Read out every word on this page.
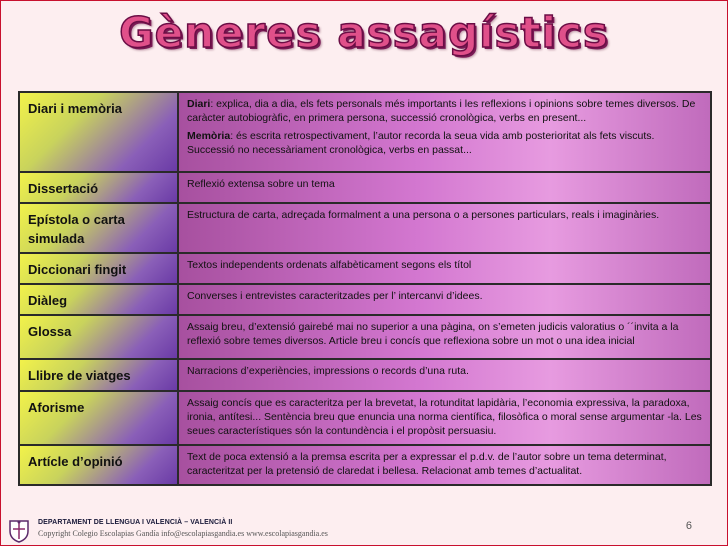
Gèneres assagístics
Diari i memòria	Diari: explica, dia a dia, els fets personals més importants i les reflexions i opinions sobre temes diversos. De caràcter autobiogràfic, en primera persona, successió cronològica, verbs en present...
Memòria: és escrita retrospectivament, l’autor recorda la seua vida amb posterioritat als fets viscuts. Successió no necessàriament cronològica, verbs en passat...

Dissertació	Reflexió extensa sobre un tema
Epístola o carta simulada	Estructura de carta, adreçada formalment a una persona o a persones particulars, reals i imaginàries.
Diccionari fingit	Textos independents ordenats alfabèticament segons els títol
Diàleg	Converses i entrevistes caracteritzades per l’ intercanvi d’idees.
Glossa	Assaig breu, d’extensió gairebé mai no superior a una pàgina, on s’emeten judicis valoratius o ´´invita a la reflexió sobre temes diversos. Article breu i concís que reflexiona sobre un mot o una idea inicial
Llibre de viatges	Narracions d’experiències, impressions o records d’una ruta.
Aforisme	Assaig concís que es caracteritza per la brevetat, la rotunditat lapidària, l’economia expressiva, la paradoxa, ironia, antítesi... Sentència breu que enuncia una norma científica, filosòfica o moral sense argumentar -la. Les seues característiques són la contundència i el propòsit persuasiu.
Artícle d’opinió	Text de poca extensió a la premsa escrita per a expressar el p.d.v. de l’autor sobre un tema determinat, caracteritzat per la pretensió de claredat i bellesa. Relacionat amb temes d’actualitat.
DEPARTAMENT DE LLENGUA I VALENCIÀ – VALENCIÀ II
Copyright Colegio Escolapias Gandía info@escolapiasgandia.es www.escolapiasgandia.es
6
